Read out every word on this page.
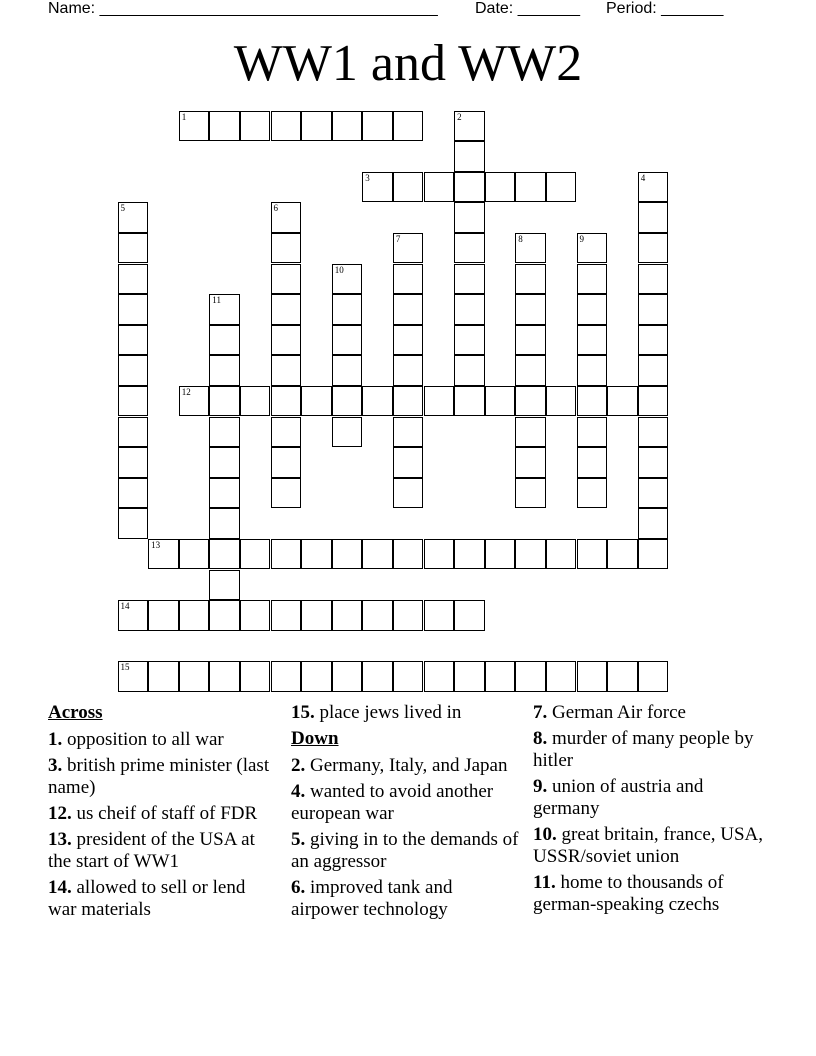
Name: ______________________________________ Date: _______ Period: _______
WW1 and WW2
1	2
3	4
5	6
7	8	9
10
11
12
13
14
15
Across
1. opposition to all war
3. british prime minister (last name)
12. us cheif of staff of FDR
13. president of the USA at the start of WW1
14. allowed to sell or lend war materials
15. place jews lived in
Down
2. Germany, Italy, and Japan
4. wanted to avoid another european war
5. giving in to the demands of an aggressor
6. improved tank and airpower technology
7. German Air force
8. murder of many people by hitler
9. union of austria and germany
10. great britain, france, USA, USSR/soviet union
11. home to thousands of german-speaking czechs
